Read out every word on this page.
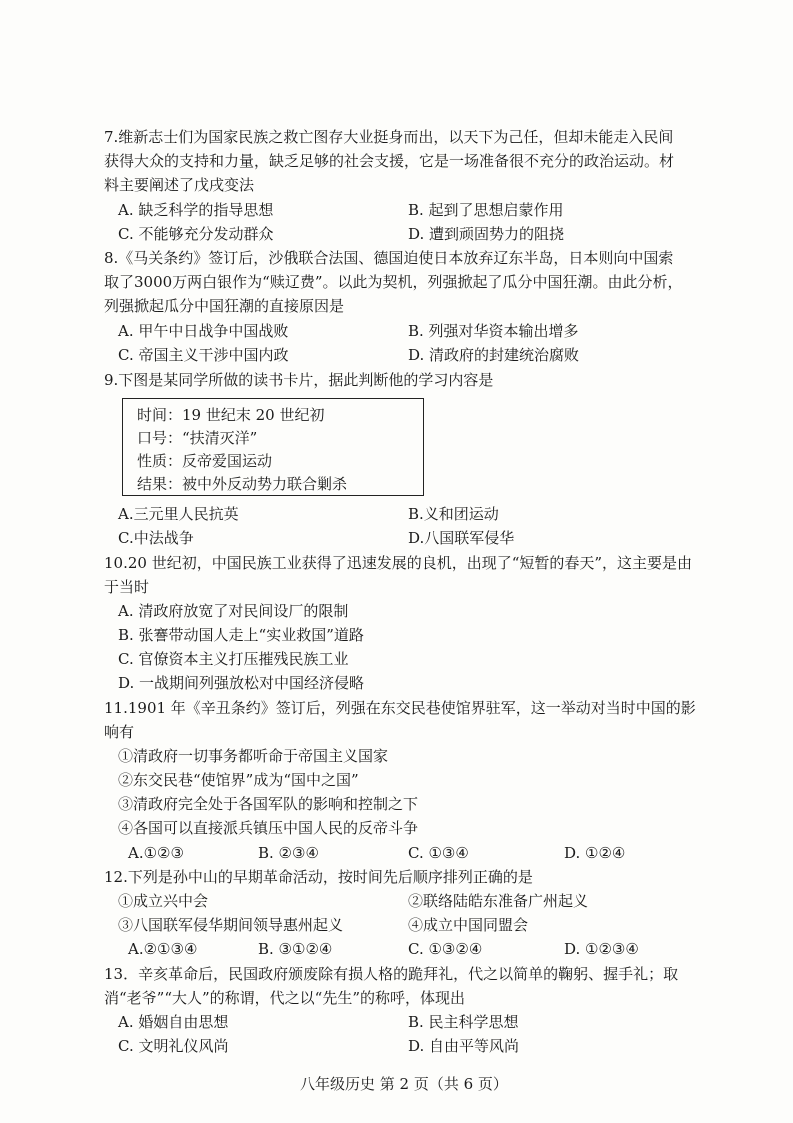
7.维新志士们为国家民族之救亡图存大业挺身而出，以天下为己任，但却未能走入民间
获得大众的支持和力量，缺乏足够的社会支援，它是一场准备很不充分的政治运动。材
料主要阐述了戊戌变法
A. 缺乏科学的指导思想	B. 起到了思想启蒙作用
C. 不能够充分发动群众	D. 遭到顽固势力的阻挠
8.《马关条约》签订后，沙俄联合法国、德国迫使日本放弃辽东半岛，日本则向中国索
取了3000万两白银作为“赎辽费”。以此为契机，列强掀起了瓜分中国狂潮。由此分析，
列强掀起瓜分中国狂潮的直接原因是
A. 甲午中日战争中国战败	B. 列强对华资本输出增多
C. 帝国主义干涉中国内政	D. 清政府的封建统治腐败
9.下图是某同学所做的读书卡片，据此判断他的学习内容是
时间：19 世纪末 20 世纪初
口号：“扶清灭洋”
性质：反帝爱国运动
结果：被中外反动势力联合剿杀
A.三元里人民抗英	B.义和团运动
C.中法战争	D.八国联军侵华
10.20 世纪初，中国民族工业获得了迅速发展的良机，出现了“短暂的春天”，这主要是由
于当时
A. 清政府放宽了对民间设厂的限制
B. 张謇带动国人走上“实业救国”道路
C. 官僚资本主义打压摧残民族工业
D. 一战期间列强放松对中国经济侵略
11.1901 年《辛丑条约》签订后，列强在东交民巷使馆界驻军，这一举动对当时中国的影
响有
①清政府一切事务都听命于帝国主义国家
②东交民巷“使馆界”成为“国中之国”
③清政府完全处于各国军队的影响和控制之下
④各国可以直接派兵镇压中国人民的反帝斗争
A.①②③	B. ②③④	C. ①③④	D. ①②④
12.下列是孙中山的早期革命活动，按时间先后顺序排列正确的是
①成立兴中会	②联络陆皓东准备广州起义
③八国联军侵华期间领导惠州起义	④成立中国同盟会
A.②①③④	B. ③①②④	C. ①③②④	D. ①②③④
13．辛亥革命后，民国政府颁废除有损人格的跪拜礼，代之以简单的鞠躬、握手礼；取
消“老爷”“大人”的称谓，代之以“先生”的称呼，体现出
A. 婚姻自由思想	B. 民主科学思想
C. 文明礼仪风尚	D. 自由平等风尚
八年级历史 第 2 页（共 6 页）
